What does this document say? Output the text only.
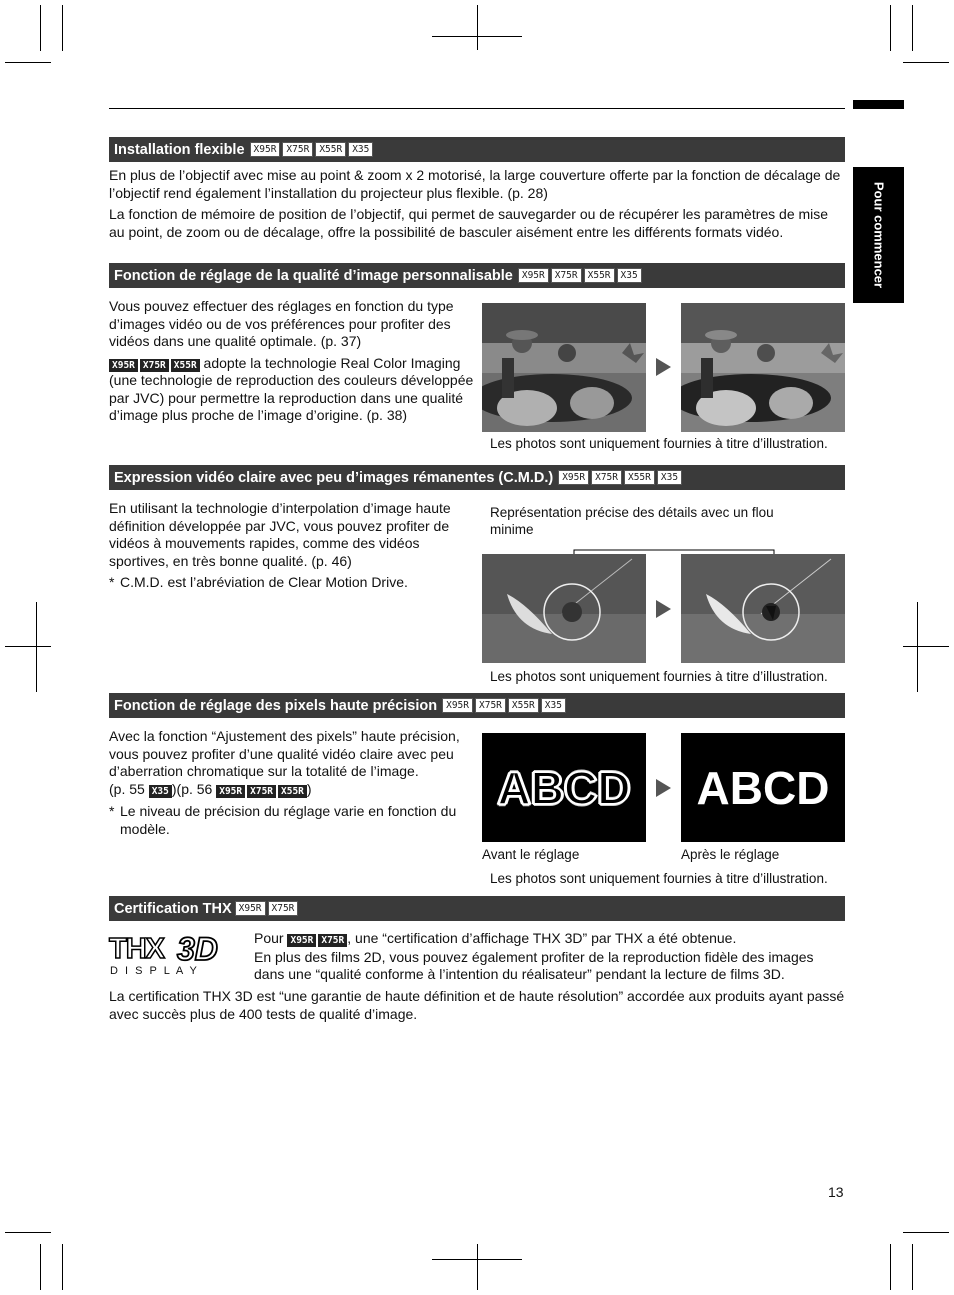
Pour commencer
Installation flexible X95R	X75R	X55R	X35

En plus de l’objectif avec mise au point & zoom x 2 motorisé, la large couverture offerte par la fonction de décalage de l’objectif rend également l’installation du projecteur plus flexible. (p. 28)

La fonction de mémoire de position de l’objectif, qui permet de sauvegarder ou de récupérer les paramètres de mise au point, de zoom ou de décalage, offre la possibilité de basculer aisément entre les différents formats vidéo.

Fonction de réglage de la qualité d’image personnalisable X95R	X75R	X55R	X35

Vous pouvez effectuer des réglages en fonction du type d’images vidéo ou de vos préférences pour profiter des vidéos dans une qualité optimale. (p. 37)

X95R X75R X55R adopte la technologie Real Color Imaging (une technologie de reproduction des couleurs développée par JVC) pour permettre la reproduction dans une qualité d’image plus proche de l’image d’origine. (p. 38)

Les photos sont uniquement fournies à titre d’illustration.
Expression vidéo claire avec peu d’images rémanentes (C.M.D.) X95R	X75R	X55R	X35

En utilisant la technologie d’interpolation d’image haute définition développée par JVC, vous pouvez profiter de vidéos à mouvements rapides, comme des vidéos sportives, en très bonne qualité. (p. 46)

* C.M.D. est l’abréviation de Clear Motion Drive.
Représentation précise des détails avec un flou minime
Les photos sont uniquement fournies à titre d’illustration.
Fonction de réglage des pixels haute précision X95R	X75R	X55R	X35

Avec la fonction “Ajustement des pixels” haute précision, vous pouvez profiter d’une qualité vidéo claire avec peu d’aberration chromatique sur la totalité de l’image.

(p. 55 X35 )(p. 56 X95R X75R X55R )

* Le niveau de précision du réglage varie en fonction du modèle.
ABCD ABCD
Avant le réglage	Après le réglage
Les photos sont uniquement fournies à titre d’illustration.
Certification THX X95R	X75R
THX 3D
D I S P L A Y

Pour X95R X75R , une “certification d’affichage THX 3D” par THX a été obtenue.

En plus des films 2D, vous pouvez également profiter de la reproduction fidèle des images dans une “qualité conforme à l’intention du réalisateur” pendant la lecture de films 3D.

La certification THX 3D est “une garantie de haute définition et de haute résolution” accordée aux produits ayant passé avec succès plus de 400 tests de qualité d’image.

13
